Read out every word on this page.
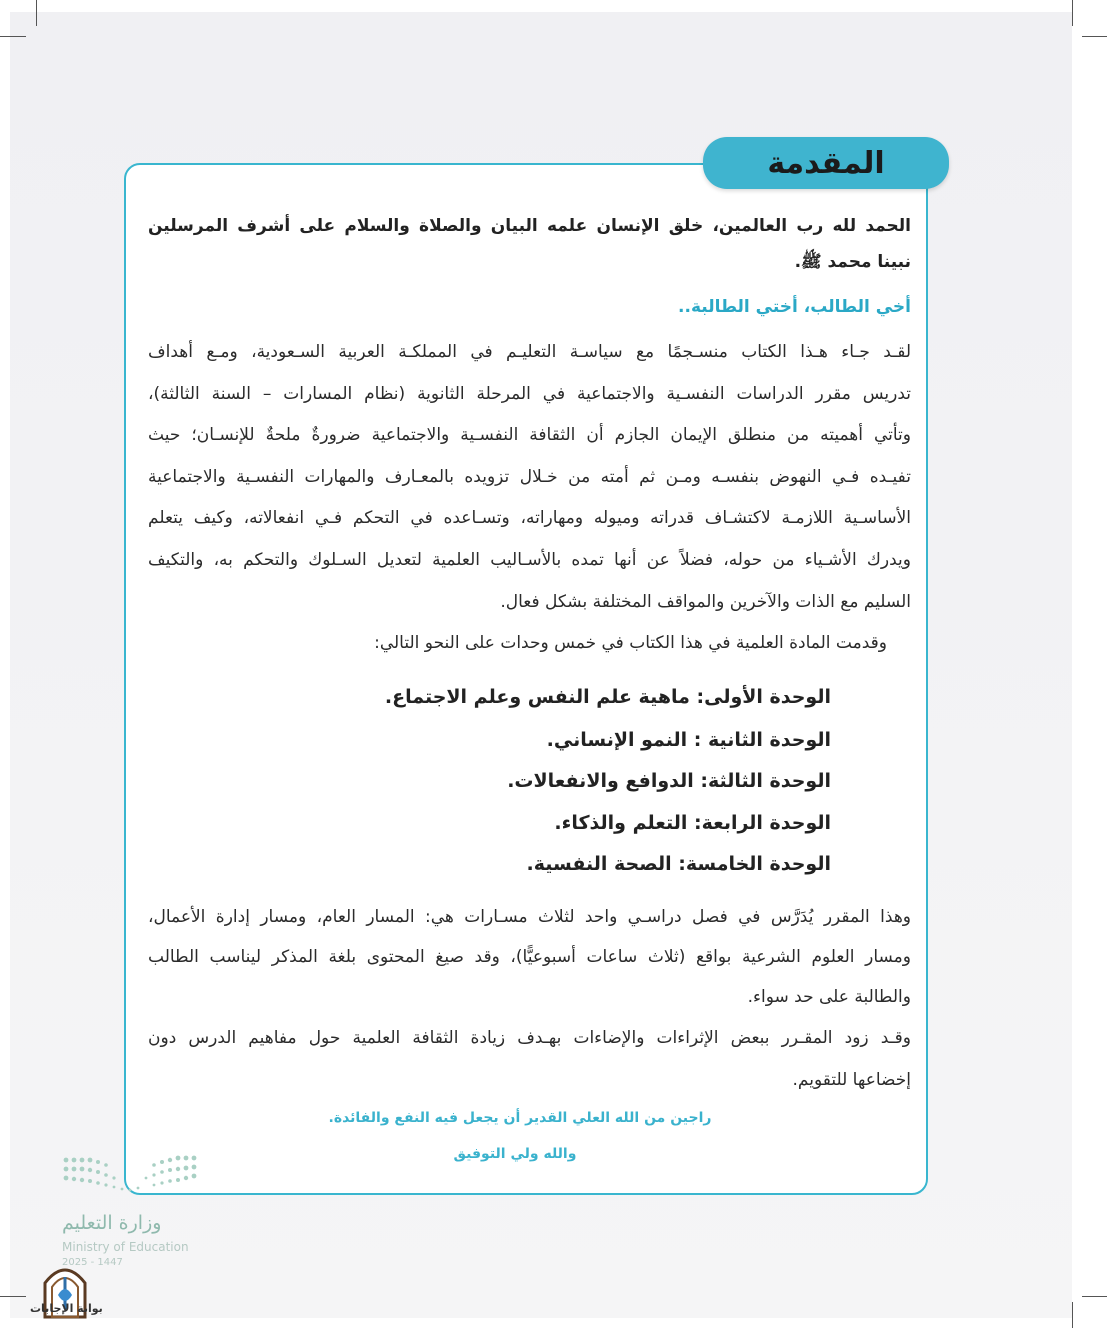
المقدمة
الحمد لله رب العالمين، خلق الإنسان علمه البيان والصلاة والسلام على أشرف المرسلين
نبينا محمد ﷺ.
أخي الطالب، أختي الطالبة..
لقـد جـاء هـذا الكتاب منسـجمًا مع سياسـة التعليـم في المملكـة العربية السـعودية، ومـع أهداف
تدريس مقرر الدراسات النفسـية والاجتماعية في المرحلة الثانوية (نظام المسارات – السنة الثالثة)،
وتأتي أهميته من منطلق الإيمان الجازم أن الثقافة النفسـية والاجتماعية ضرورةٌ ملحةٌ للإنسـان؛ حيث
تفيـده فـي النهوض بنفسـه ومـن ثم أمته من خـلال تزويده بالمعـارف والمهارات النفسـية والاجتماعية
الأساسـية اللازمـة لاكتشـاف قدراته وميوله ومهاراته، وتسـاعده في التحكم فـي انفعالاته، وكيف يتعلم
ويدرك الأشـياء من حوله، فضلاً عن أنها تمده بالأسـاليب العلمية لتعديل السـلوك والتحكم به، والتكيف
السليم مع الذات والآخرين والمواقف المختلفة بشكل فعال.
وقدمت المادة العلمية في هذا الكتاب في خمس وحدات على النحو التالي:
الوحدة الأولى: ماهية علم النفس وعلم الاجتماع.
الوحدة الثانية : النمو الإنساني.
الوحدة الثالثة: الدوافع والانفعالات.
الوحدة الرابعة: التعلم والذكاء.
الوحدة الخامسة: الصحة النفسية.
وهذا المقرر يُدَرَّس في فصل دراسـي واحد لثلاث مسـارات هي: المسار العام، ومسار إدارة الأعمال،
ومسار العلوم الشرعية بواقع (ثلاث ساعات أسبوعيًّا)، وقد صيغ المحتوى بلغة المذكر ليناسب الطالب
والطالبة على حد سواء.
وقـد زود المقـرر ببعض الإثراءات والإضاءات بهـدف زيادة الثقافة العلمية حول مفاهيم الدرس دون
إخضاعها للتقويم.
راجين من الله العلي القدير أن يجعل فيه النفع والفائدة.
والله ولي التوفيق
وزارة التعليم
Ministry of Education
2025 - 1447
بوابة الإجابات
